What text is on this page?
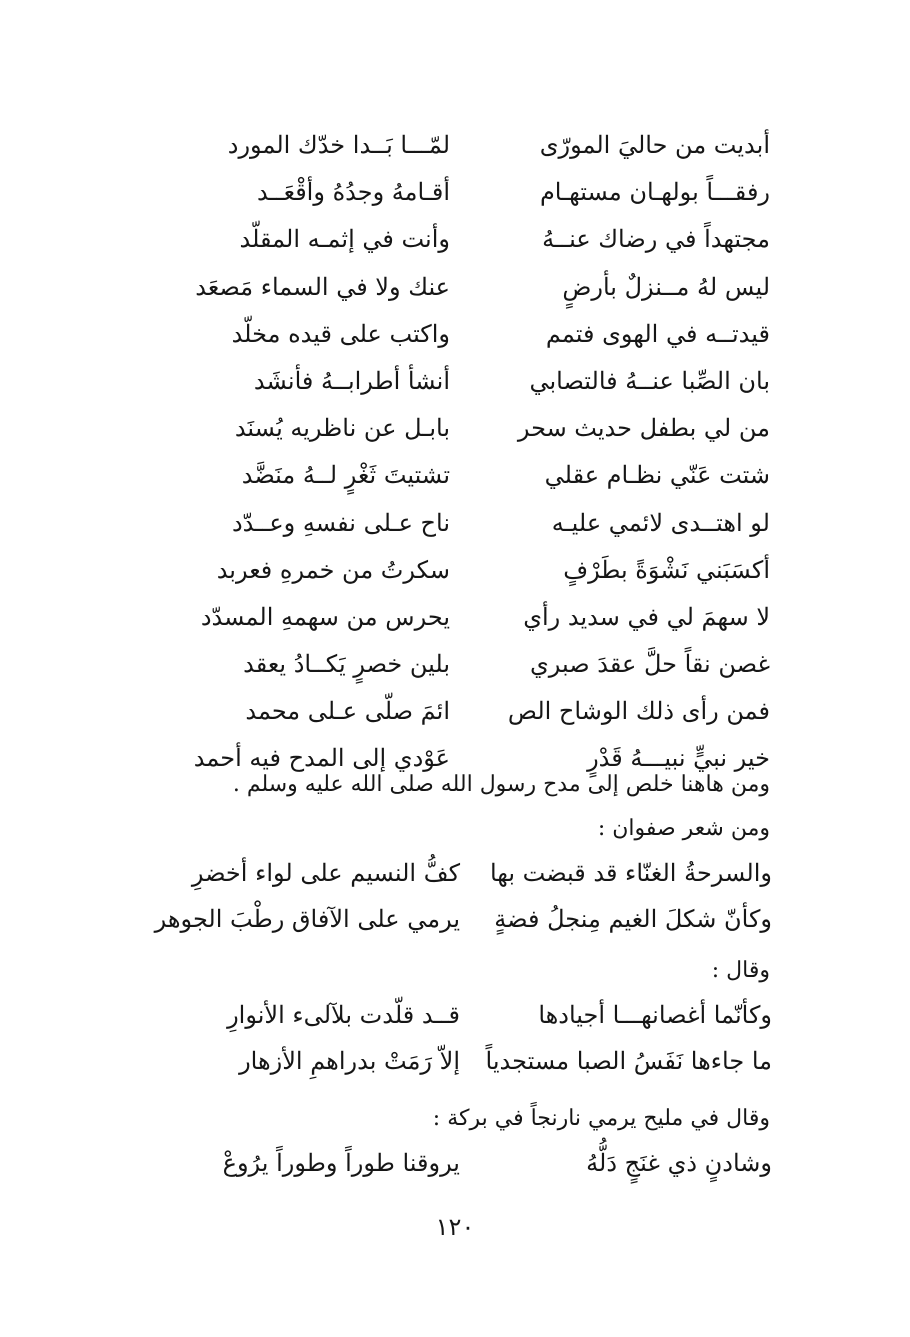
أبديت من حاليَ المورّى
لمّـــا بَــدا خدّك المورد
رفقـــاً بولهـان مستهـام
أقـامهُ وجدُهُ وأقْعَــد
مجتهداً في رضاك عنــهُ
وأنت في إثمـه المقلّد
ليس لهُ مــنزلٌ بأرضٍ
عنك ولا في السماء مَصعَد
قيدتــه في الهوى فتمم
واكتب على قيده مخلّد
بان الصِّبا عنــهُ فالتصابي
أنشأ أطرابــهُ فأنشَد
من لي بطفل حديث سحر
بابـل عن ناظريه يُسنَد
شتت عَنّي نظـام عقلي
تشتيتَ ثَغْرٍ لــهُ منَضَّد
لو اهتــدى لائمي عليـه
ناح عـلى نفسهِ وعــدّد
أكسَبَني نَشْوَةً بطَرْفٍ
سكرتُ من خمرهِ فعربد
لا سهمَ لي في سديد رأي
يحرس من سهمهِ المسدّد
غصن نقاً حلَّ عقدَ صبري
بلين خصرٍ يَكــادُ يعقد
فمن رأى ذلك الوشاح الص
ائمَ صلّى عـلى محمد
خير نبيٍّ نبيـــهُ قَدْرٍ
عَوْدي إلى المدح فيه أحمد
ومن هاهنا خلص إلى مدح رسول الله صلى الله عليه وسلم .
ومن شعر صفوان :
والسرحةُ الغنّاء قد قبضت بها
كفُّ النسيم على لواء أخضرِ
وكأنّ شكلَ الغيم مِنجلُ فضةٍ
يرمي على الآفاق رطْبَ الجوهر
وقال :
وكأنّما أغصانهـــا أجيادها
قــد قلّدت بلآلىء الأنوارِ
ما جاءها نَفَسُ الصبا مستجدياً
إلاّ رَمَتْ بدراهمِ الأزهار
وقال في مليح يرمي نارنجاً في بركة :
وشادنٍ ذي غنَجٍ دَلُّهُ
يروقنا طوراً وطوراً يرُوعْ
١٢٠
